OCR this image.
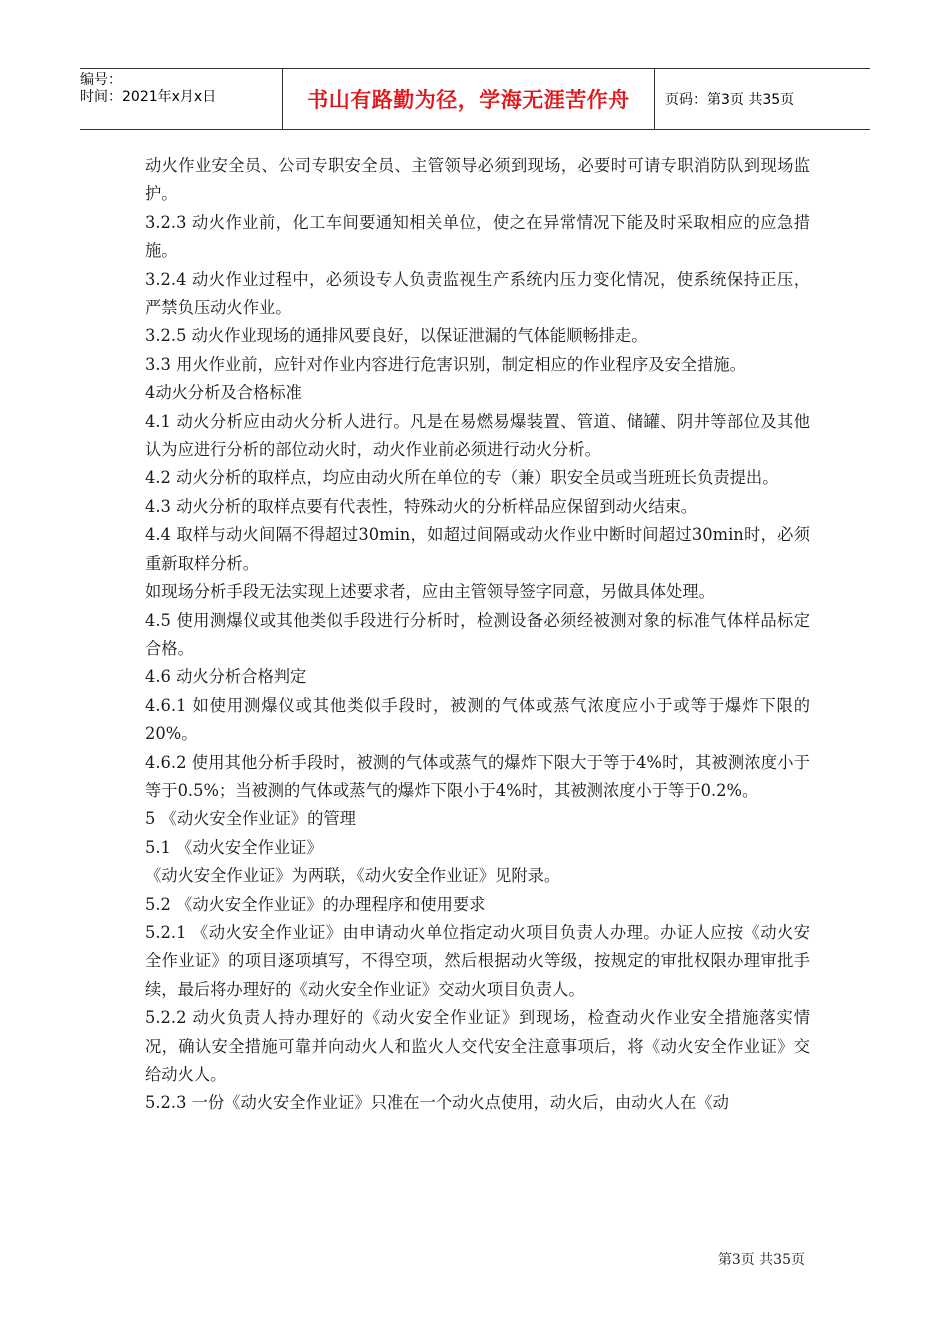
编号：
时间：2021年x月x日	书山有路勤为径，学海无涯苦作舟	页码：第3页 共35页

动火作业安全员、公司专职安全员、主管领导必须到现场，必要时可请专职消防队到现场监护。

3.2.3 动火作业前，化工车间要通知相关单位，使之在异常情况下能及时采取相应的应急措施。

3.2.4 动火作业过程中，必须设专人负责监视生产系统内压力变化情况，使系统保持正压，严禁负压动火作业。

3.2.5 动火作业现场的通排风要良好，以保证泄漏的气体能顺畅排走。

3.3 用火作业前，应针对作业内容进行危害识别，制定相应的作业程序及安全措施。

4动火分析及合格标准

4.1 动火分析应由动火分析人进行。凡是在易燃易爆装置、管道、储罐、阴井等部位及其他认为应进行分析的部位动火时，动火作业前必须进行动火分析。

4.2 动火分析的取样点，均应由动火所在单位的专（兼）职安全员或当班班长负责提出。

4.3 动火分析的取样点要有代表性，特殊动火的分析样品应保留到动火结束。

4.4 取样与动火间隔不得超过30min，如超过间隔或动火作业中断时间超过30min时，必须重新取样分析。

如现场分析手段无法实现上述要求者，应由主管领导签字同意，另做具体处理。

4.5 使用测爆仪或其他类似手段进行分析时，检测设备必须经被测对象的标准气体样品标定合格。

4.6 动火分析合格判定

4.6.1 如使用测爆仪或其他类似手段时，被测的气体或蒸气浓度应小于或等于爆炸下限的20%。

4.6.2 使用其他分析手段时，被测的气体或蒸气的爆炸下限大于等于4%时，其被测浓度小于等于0.5%；当被测的气体或蒸气的爆炸下限小于4%时，其被测浓度小于等于0.2%。

5 《动火安全作业证》的管理

5.1 《动火安全作业证》

《动火安全作业证》为两联，《动火安全作业证》见附录。

5.2 《动火安全作业证》的办理程序和使用要求

5.2.1 《动火安全作业证》由申请动火单位指定动火项目负责人办理。办证人应按《动火安全作业证》的项目逐项填写，不得空项，然后根据动火等级，按规定的审批权限办理审批手续，最后将办理好的《动火安全作业证》交动火项目负责人。

5.2.2 动火负责人持办理好的《动火安全作业证》到现场，检查动火作业安全措施落实情况，确认安全措施可靠并向动火人和监火人交代安全注意事项后，将《动火安全作业证》交给动火人。

5.2.3 一份《动火安全作业证》只准在一个动火点使用，动火后，由动火人在《动

第3页 共35页
